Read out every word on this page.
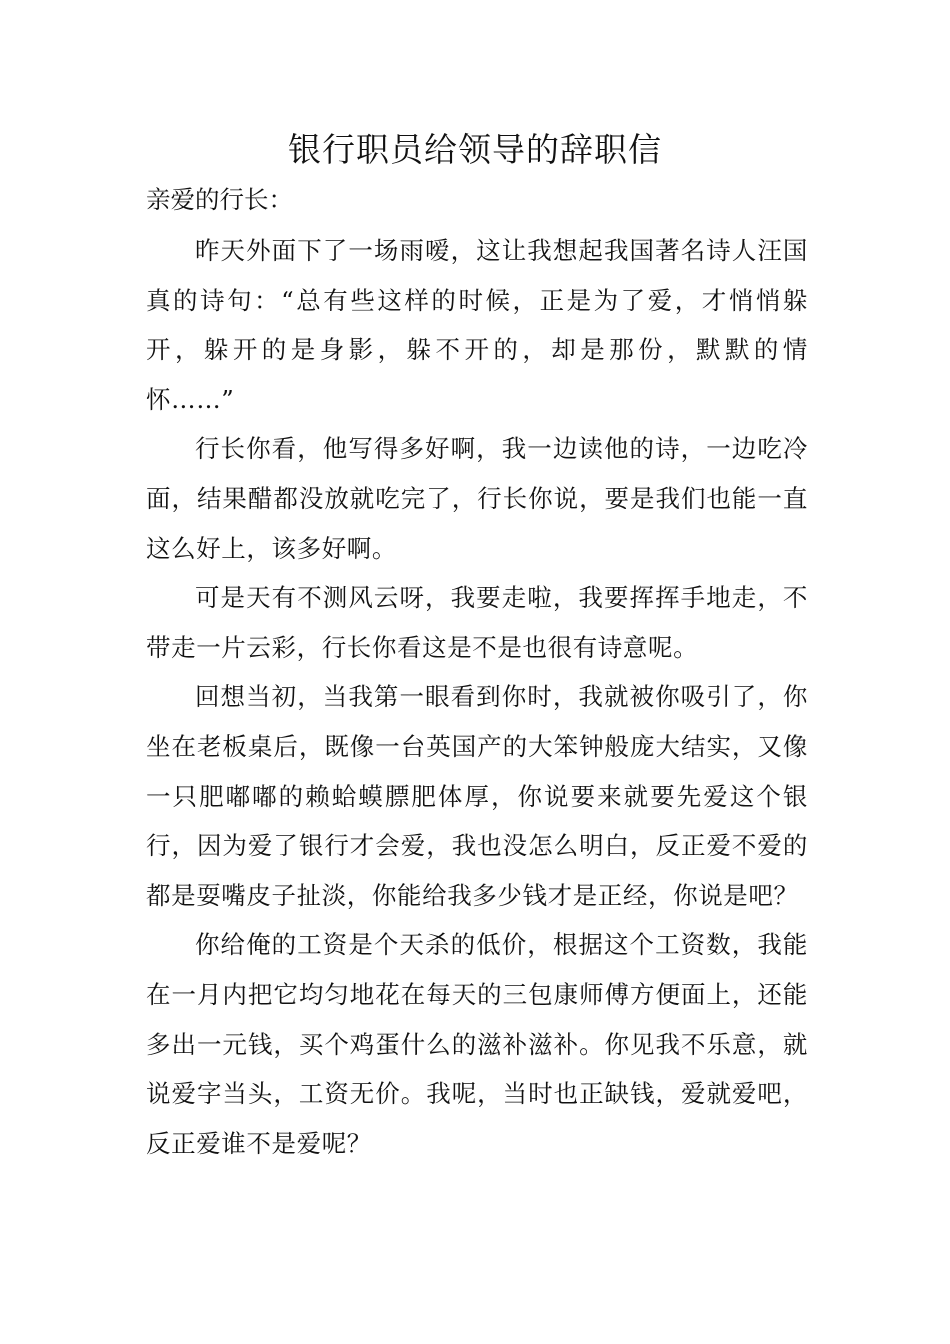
银行职员给领导的辞职信
亲爱的行长：

昨天外面下了一场雨嗳，这让我想起我国著名诗人汪国真的诗句：“总有些这样的时候，正是为了爱，才悄悄躲开，躲开的是身影，躲不开的，却是那份，默默的情怀……”

行长你看，他写得多好啊，我一边读他的诗，一边吃冷面，结果醋都没放就吃完了，行长你说，要是我们也能一直这么好上，该多好啊。

可是天有不测风云呀，我要走啦，我要挥挥手地走，不带走一片云彩，行长你看这是不是也很有诗意呢。

回想当初，当我第一眼看到你时，我就被你吸引了，你坐在老板桌后，既像一台英国产的大笨钟般庞大结实，又像一只肥嘟嘟的赖蛤蟆膘肥体厚，你说要来就要先爱这个银行，因为爱了银行才会爱，我也没怎么明白，反正爱不爱的都是耍嘴皮子扯淡，你能给我多少钱才是正经，你说是吧？

你给俺的工资是个天杀的低价，根据这个工资数，我能在一月内把它均匀地花在每天的三包康师傅方便面上，还能多出一元钱，买个鸡蛋什么的滋补滋补。你见我不乐意，就说爱字当头，工资无价。我呢，当时也正缺钱，爱就爱吧，反正爱谁不是爱呢？
